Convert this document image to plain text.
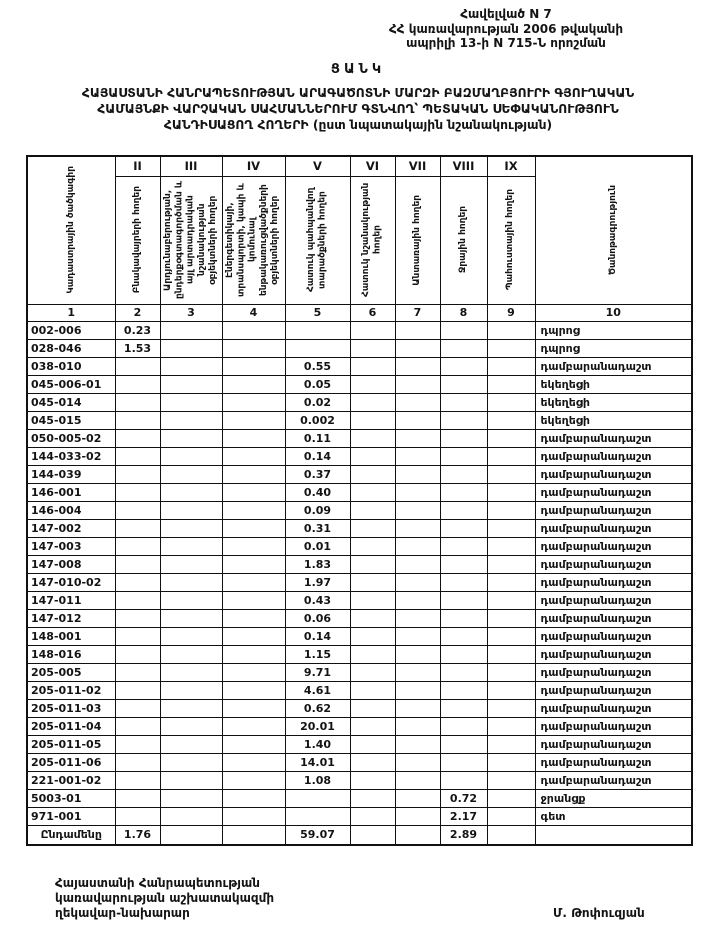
Հավելված N 7
ՀՀ կառավարության 2006 թվականի
ապրիլի 13-ի N 715-Ն որոշման
ՑԱՆԿ
ՀԱՅԱՍՏԱՆԻ ՀԱՆՐԱՊԵՏՈՒԹՅԱՆ ԱՐԱԳԱԾՈՏՆԻ ՄԱՐԶԻ ԲԱԶՄԱՂԲՅՈՒՐԻ ԳՅՈՒՂԱԿԱՆ
ՀԱՄԱՅՆՔԻ ՎԱՐՉԱԿԱՆ ՍԱՀՄԱՆՆԵՐՈՒՄ ԳՏՆՎՈՂ՝ ՊԵՏԱԿԱՆ ՍԵՓԱԿԱՆՈՒԹՅՈՒՆ
ՀԱՆԴԻՍԱՑՈՂ ՀՈՂԵՐԻ (ըստ նպատակային նշանակության)
Կադաստրային ծածկագիր	II	III	IV	V	VI	VII	VIII	IX	Ծանոթագրություն

	Բնակավայրերի հողեր	Արդյունաբերության, ընդերքօգտագործման և այլ արտադրական նշանակության օբյեկտների հողեր	Էներգետիկայի, տրանսպորտի, կապի և կոմունալ ենթակառուցվածքների օբյեկտների հողեր	Հատուկ պահպանվող տարածքների հողեր	Հատուկ նշանակության հողեր	Անտառային հողեր	Ջրային հողեր	Պահուստային հողեր	

1	2	3	4	5	6	7	8	9	10
002-006	0.23								դպրոց
028-046	1.53								դպրոց
038-010				0.55					դամբարանադաշտ
045-006-01				0.05					եկեղեցի
045-014				0.02					եկեղեցի
045-015				0.002					եկեղեցի
050-005-02				0.11					դամբարանադաշտ
144-033-02				0.14					դամբարանադաշտ
144-039				0.37					դամբարանադաշտ
146-001				0.40					դամբարանադաշտ
146-004				0.09					դամբարանադաշտ
147-002				0.31					դամբարանադաշտ
147-003				0.01					դամբարանադաշտ
147-008				1.83					դամբարանադաշտ
147-010-02				1.97					դամբարանադաշտ
147-011				0.43					դամբարանադաշտ
147-012				0.06					դամբարանադաշտ
148-001				0.14					դամբարանադաշտ
148-016				1.15					դամբարանադաշտ
205-005				9.71					դամբարանադաշտ
205-011-02				4.61					դամբարանադաշտ
205-011-03				0.62					դամբարանադաշտ
205-011-04				20.01					դամբարանադաշտ
205-011-05				1.40					դամբարանադաշտ
205-011-06				14.01					դամբարանադաշտ
221-001-02				1.08					դամբարանադաշտ
5003-01							0.72		ջրանցք
971-001							2.17		գետ
Ընդամենը	1.76			59.07			2.89		
Հայաստանի Հանրապետության
կառավարության աշխատակազմի
ղեկավար-նախարար	Մ. Թոփուզյան
